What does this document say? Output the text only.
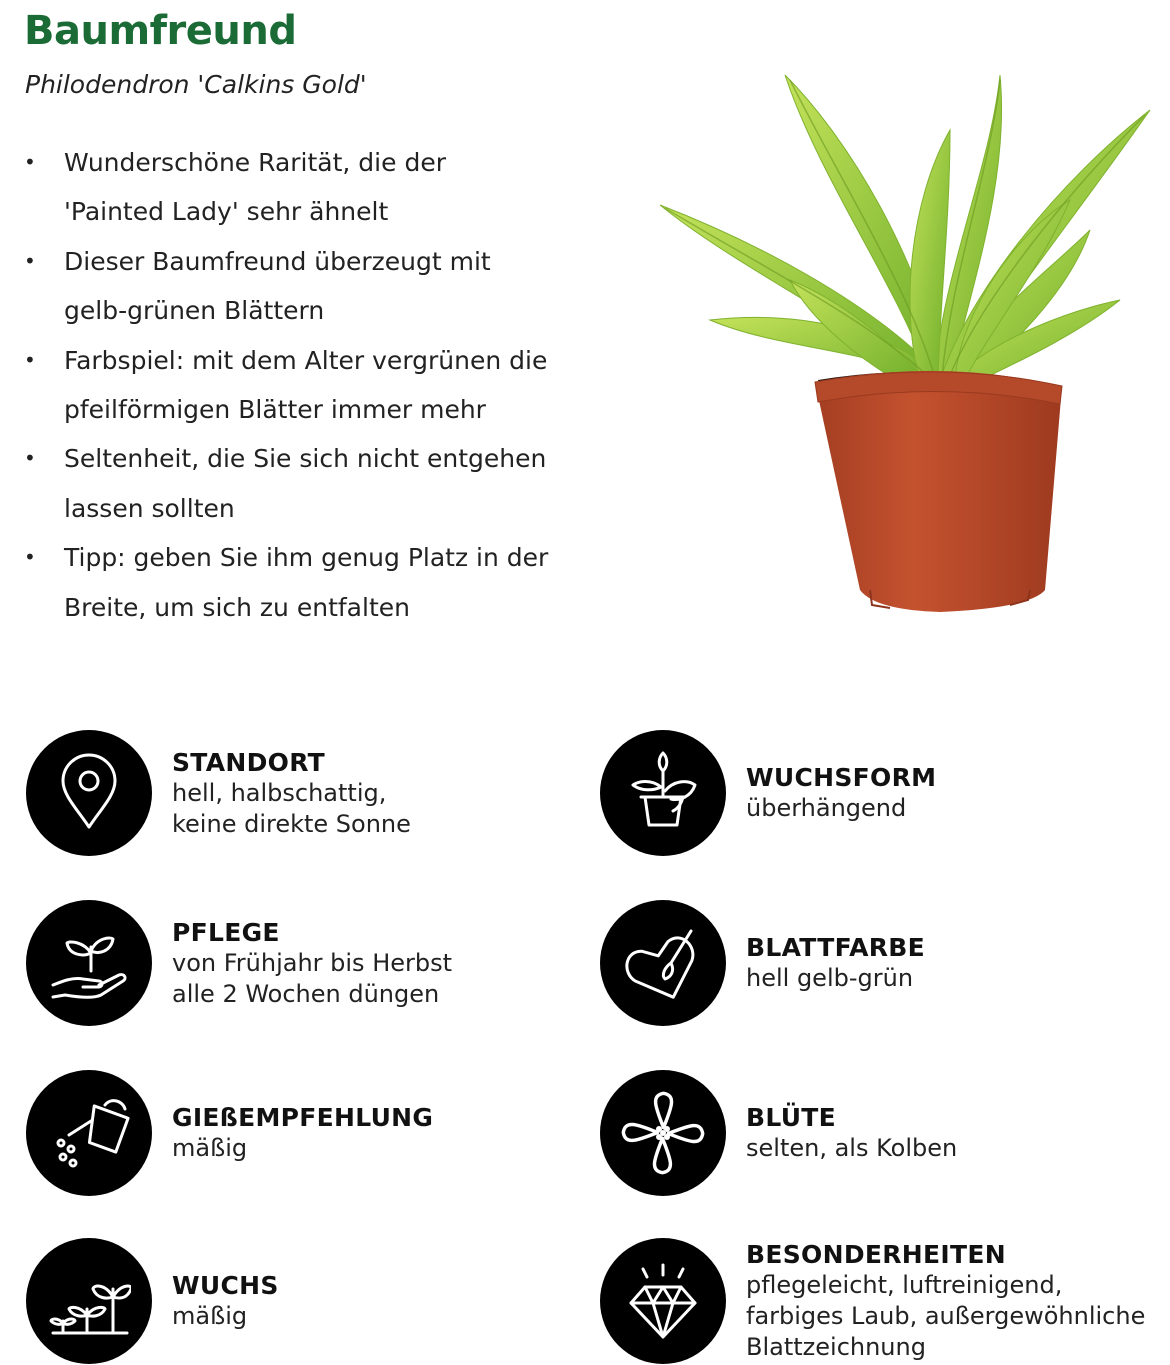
Baumfreund
Philodendron 'Calkins Gold'
• Wunderschöne Rarität, die der
'Painted Lady' sehr ähnelt
• Dieser Baumfreund überzeugt mit
gelb-grünen Blättern
• Farbspiel: mit dem Alter vergrünen die
pfeilförmigen Blätter immer mehr
• Seltenheit, die Sie sich nicht entgehen
lassen sollten
• Tipp: geben Sie ihm genug Platz in der
Breite, um sich zu entfalten
STANDORT
hell, halbschattig,
keine direkte Sonne
WUCHSFORM
überhängend
PFLEGE
von Frühjahr bis Herbst
alle 2 Wochen düngen
BLATTFARBE
hell gelb-grün
GIEßEMPFEHLUNG
mäßig
BLÜTE
selten, als Kolben
WUCHS
mäßig
BESONDERHEITEN
pflegeleicht, luftreinigend,
farbiges Laub, außergewöhnliche
Blattzeichnung
